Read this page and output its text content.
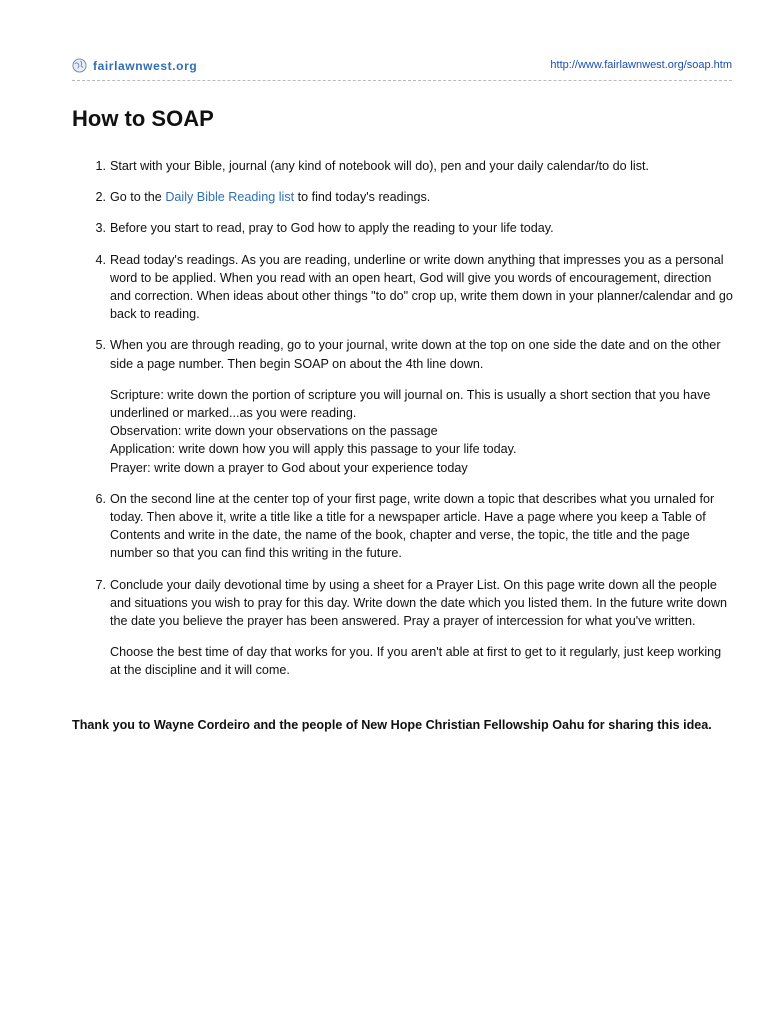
fairlawnwest.org	http://www.fairlawnwest.org/soap.htm
How to SOAP
1. Start with your Bible, journal (any kind of notebook will do), pen and your daily calendar/to do list.

2. Go to the Daily Bible Reading list to find today's readings.

3. Before you start to read, pray to God how to apply the reading to your life today.

4. Read today's readings. As you are reading, underline or write down anything that impresses you as a personal word to be applied. When you read with an open heart, God will give you words of encouragement, direction and correction. When ideas about other things "to do" crop up, write them down in your planner/calendar and go back to reading.

5. When you are through reading, go to your journal, write down at the top on one side the date and on the other side a page number. Then begin SOAP on about the 4th line down.

Scripture: write down the portion of scripture you will journal on. This is usually a short section that you have underlined or marked...as you were reading.
Observation: write down your observations on the passage
Application: write down how you will apply this passage to your life today.
Prayer: write down a prayer to God about your experience today
6. On the second line at the center top of your first page, write down a topic that describes what you urnaled for today. Then above it, write a title like a title for a newspaper article. Have a page where you keep a Table of Contents and write in the date, the name of the book, chapter and verse, the topic, the title and the page number so that you can find this writing in the future.

7. Conclude your daily devotional time by using a sheet for a Prayer List. On this page write down all the people and situations you wish to pray for this day. Write down the date which you listed them. In the future write down the date you believe the prayer has been answered. Pray a prayer of intercession for what you've written.

Choose the best time of day that works for you. If you aren't able at first to get to it regularly, just keep working at the discipline and it will come.

Thank you to Wayne Cordeiro and the people of New Hope Christian Fellowship Oahu for sharing this idea.
